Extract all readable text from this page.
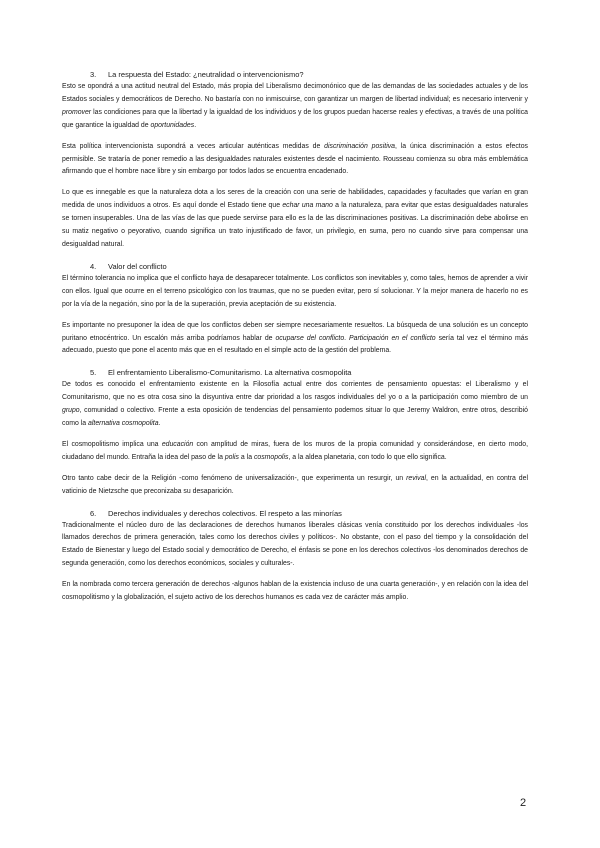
3. La respuesta del Estado: ¿neutralidad o intervencionismo?

Esto se opondrá a una actitud neutral del Estado, más propia del Liberalismo decimonónico que de las demandas de las sociedades actuales y de los Estados sociales y democráticos de Derecho. No bastaría con no inmiscuirse, con garantizar un margen de libertad individual; es necesario intervenir y promover las condiciones para que la libertad y la igualdad de los individuos y de los grupos puedan hacerse reales y efectivas, a través de una política que garantice la igualdad de oportunidades.

Esta política intervencionista supondrá a veces articular auténticas medidas de discriminación positiva, la única discriminación a estos efectos permisible. Se trataría de poner remedio a las desigualdades naturales existentes desde el nacimiento. Rousseau comienza su obra más emblemática afirmando que el hombre nace libre y sin embargo por todos lados se encuentra encadenado.

Lo que es innegable es que la naturaleza dota a los seres de la creación con una serie de habilidades, capacidades y facultades que varían en gran medida de unos individuos a otros. Es aquí donde el Estado tiene que echar una mano a la naturaleza, para evitar que estas desigualdades naturales se tornen insuperables. Una de las vías de las que puede servirse para ello es la de las discriminaciones positivas. La discriminación debe abolirse en su matiz negativo o peyorativo, cuando significa un trato injustificado de favor, un privilegio, en suma, pero no cuando sirve para compensar una desigualdad natural.

4. Valor del conflicto

El término tolerancia no implica que el conflicto haya de desaparecer totalmente. Los conflictos son inevitables y, como tales, hemos de aprender a vivir con ellos. Igual que ocurre en el terreno psicológico con los traumas, que no se pueden evitar, pero sí solucionar. Y la mejor manera de hacerlo no es por la vía de la negación, sino por la de la superación, previa aceptación de su existencia.

Es importante no presuponer la idea de que los conflictos deben ser siempre necesariamente resueltos. La búsqueda de una solución es un concepto puritano etnocéntrico. Un escalón más arriba podríamos hablar de ocuparse del conflicto. Participación en el conflicto sería tal vez el término más adecuado, puesto que pone el acento más que en el resultado en el simple acto de la gestión del problema.

5. El enfrentamiento Liberalismo-Comunitarismo. La alternativa cosmopolita

De todos es conocido el enfrentamiento existente en la Filosofía actual entre dos corrientes de pensamiento opuestas: el Liberalismo y el Comunitarismo, que no es otra cosa sino la disyuntiva entre dar prioridad a los rasgos individuales del yo o a la participación como miembro de un grupo, comunidad o colectivo. Frente a esta oposición de tendencias del pensamiento podemos situar lo que Jeremy Waldron, entre otros, describió como la alternativa cosmopolita.

El cosmopolitismo implica una educación con amplitud de miras, fuera de los muros de la propia comunidad y considerándose, en cierto modo, ciudadano del mundo. Entraña la idea del paso de la polis a la cosmopolis, a la aldea planetaria, con todo lo que ello significa.

Otro tanto cabe decir de la Religión -como fenómeno de universalización-, que experimenta un resurgir, un revival, en la actualidad, en contra del vaticinio de Nietzsche que preconizaba su desaparición.

6. Derechos individuales y derechos colectivos. El respeto a las minorías

Tradicionalmente el núcleo duro de las declaraciones de derechos humanos liberales clásicas venía constituido por los derechos individuales -los llamados derechos de primera generación, tales como los derechos civiles y políticos-. No obstante, con el paso del tiempo y la consolidación del Estado de Bienestar y luego del Estado social y democrático de Derecho, el énfasis se pone en los derechos colectivos -los denominados derechos de segunda generación, como los derechos económicos, sociales y culturales-.

En la nombrada como tercera generación de derechos -algunos hablan de la existencia incluso de una cuarta generación-, y en relación con la idea del cosmopolitismo y la globalización, el sujeto activo de los derechos humanos es cada vez de carácter más amplio.

2
